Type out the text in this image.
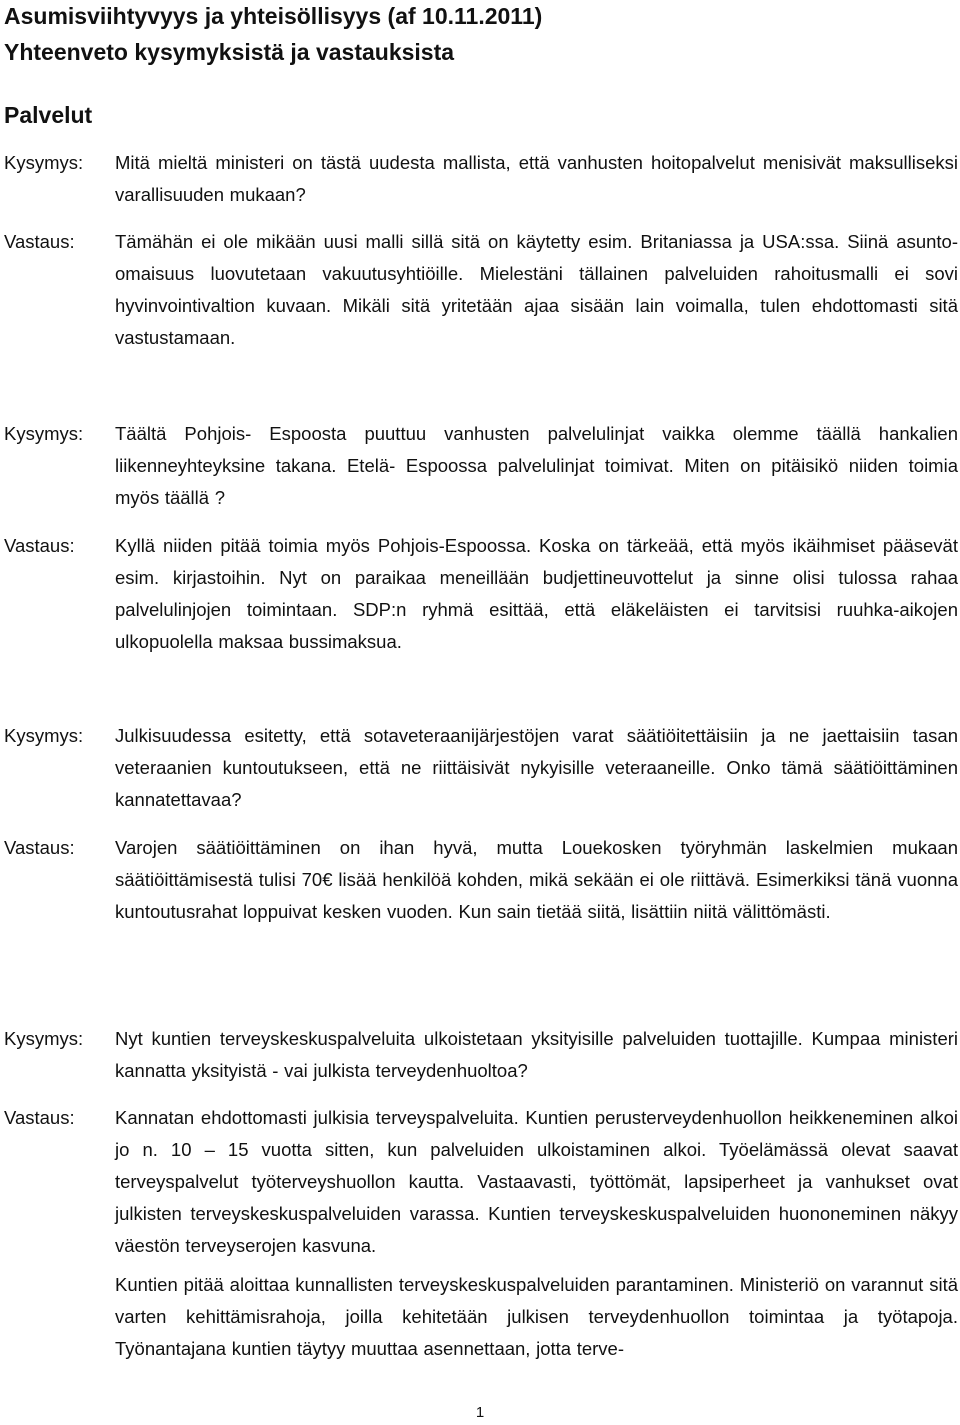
Asumisviihtyvyys ja yhteisöllisyys (af 10.11.2011)
Yhteenveto kysymyksistä ja vastauksista
Palvelut
Kysymys: Mitä mieltä ministeri on tästä uudesta mallista, että vanhusten hoitopalvelut menisivät maksulliseksi varallisuuden mukaan?

Vastaus: Tämähän ei ole mikään uusi malli sillä sitä on käytetty esim. Britaniassa ja USA:ssa. Siinä asunto-omaisuus luovutetaan vakuutusyhtiöille. Mielestäni tällainen palveluiden rahoitusmalli ei sovi hyvinvointivaltion kuvaan. Mikäli sitä yritetään ajaa sisään lain voimalla, tulen ehdottomasti sitä vastustamaan.

Kysymys: Täältä Pohjois- Espoosta puuttuu vanhusten palvelulinjat vaikka olemme täällä hankalien liikenneyhteyksine takana. Etelä- Espoossa palvelulinjat toimivat. Miten on pitäisikö niiden toimia myös täällä ?

Vastaus: Kyllä niiden pitää toimia myös Pohjois-Espoossa. Koska on tärkeää, että myös ikäihmiset pääsevät esim. kirjastoihin. Nyt on paraikaa meneillään budjettineuvottelut ja sinne olisi tulossa rahaa palvelulinjojen toimintaan. SDP:n ryhmä esittää, että eläkeläisten ei tarvitsisi ruuhka-aikojen ulkopuolella maksaa bussimaksua.

Kysymys: Julkisuudessa esitetty, että sotaveteraanijärjestöjen varat säätiöitettäisiin ja ne jaettaisiin tasan veteraanien kuntoutukseen, että ne riittäisivät nykyisille veteraaneille. Onko tämä säätiöittäminen kannatettavaa?

Vastaus: Varojen säätiöittäminen on ihan hyvä, mutta Louekosken työryhmän laskelmien mukaan säätiöittämisestä tulisi 70€ lisää henkilöä kohden, mikä sekään ei ole riittävä. Esimerkiksi tänä vuonna kuntoutusrahat loppuivat kesken vuoden. Kun sain tietää siitä, lisättiin niitä välittömästi.

Kysymys: Nyt kuntien terveyskeskuspalveluita ulkoistetaan yksityisille palveluiden tuottajille. Kumpaa ministeri kannatta yksityistä - vai julkista terveydenhuoltoa?

Vastaus: Kannatan ehdottomasti julkisia terveyspalveluita. Kuntien perusterveydenhuollon heikkeneminen alkoi jo n. 10 – 15 vuotta sitten, kun palveluiden ulkoistaminen alkoi. Työelämässä olevat saavat terveyspalvelut työterveyshuollon kautta. Vastaavasti, työttömät, lapsiperheet ja vanhukset ovat julkisten terveyskeskuspalveluiden varassa. Kuntien terveyskeskuspalveluiden huononeminen näkyy väestön terveyserojen kasvuna.

Kuntien pitää aloittaa kunnallisten terveyskeskuspalveluiden parantaminen. Ministeriö on varannut sitä varten kehittämisrahoja, joilla kehitetään julkisen terveydenhuollon toimintaa ja työtapoja. Työnantajana kuntien täytyy muuttaa asennettaan, jotta terve-

1
